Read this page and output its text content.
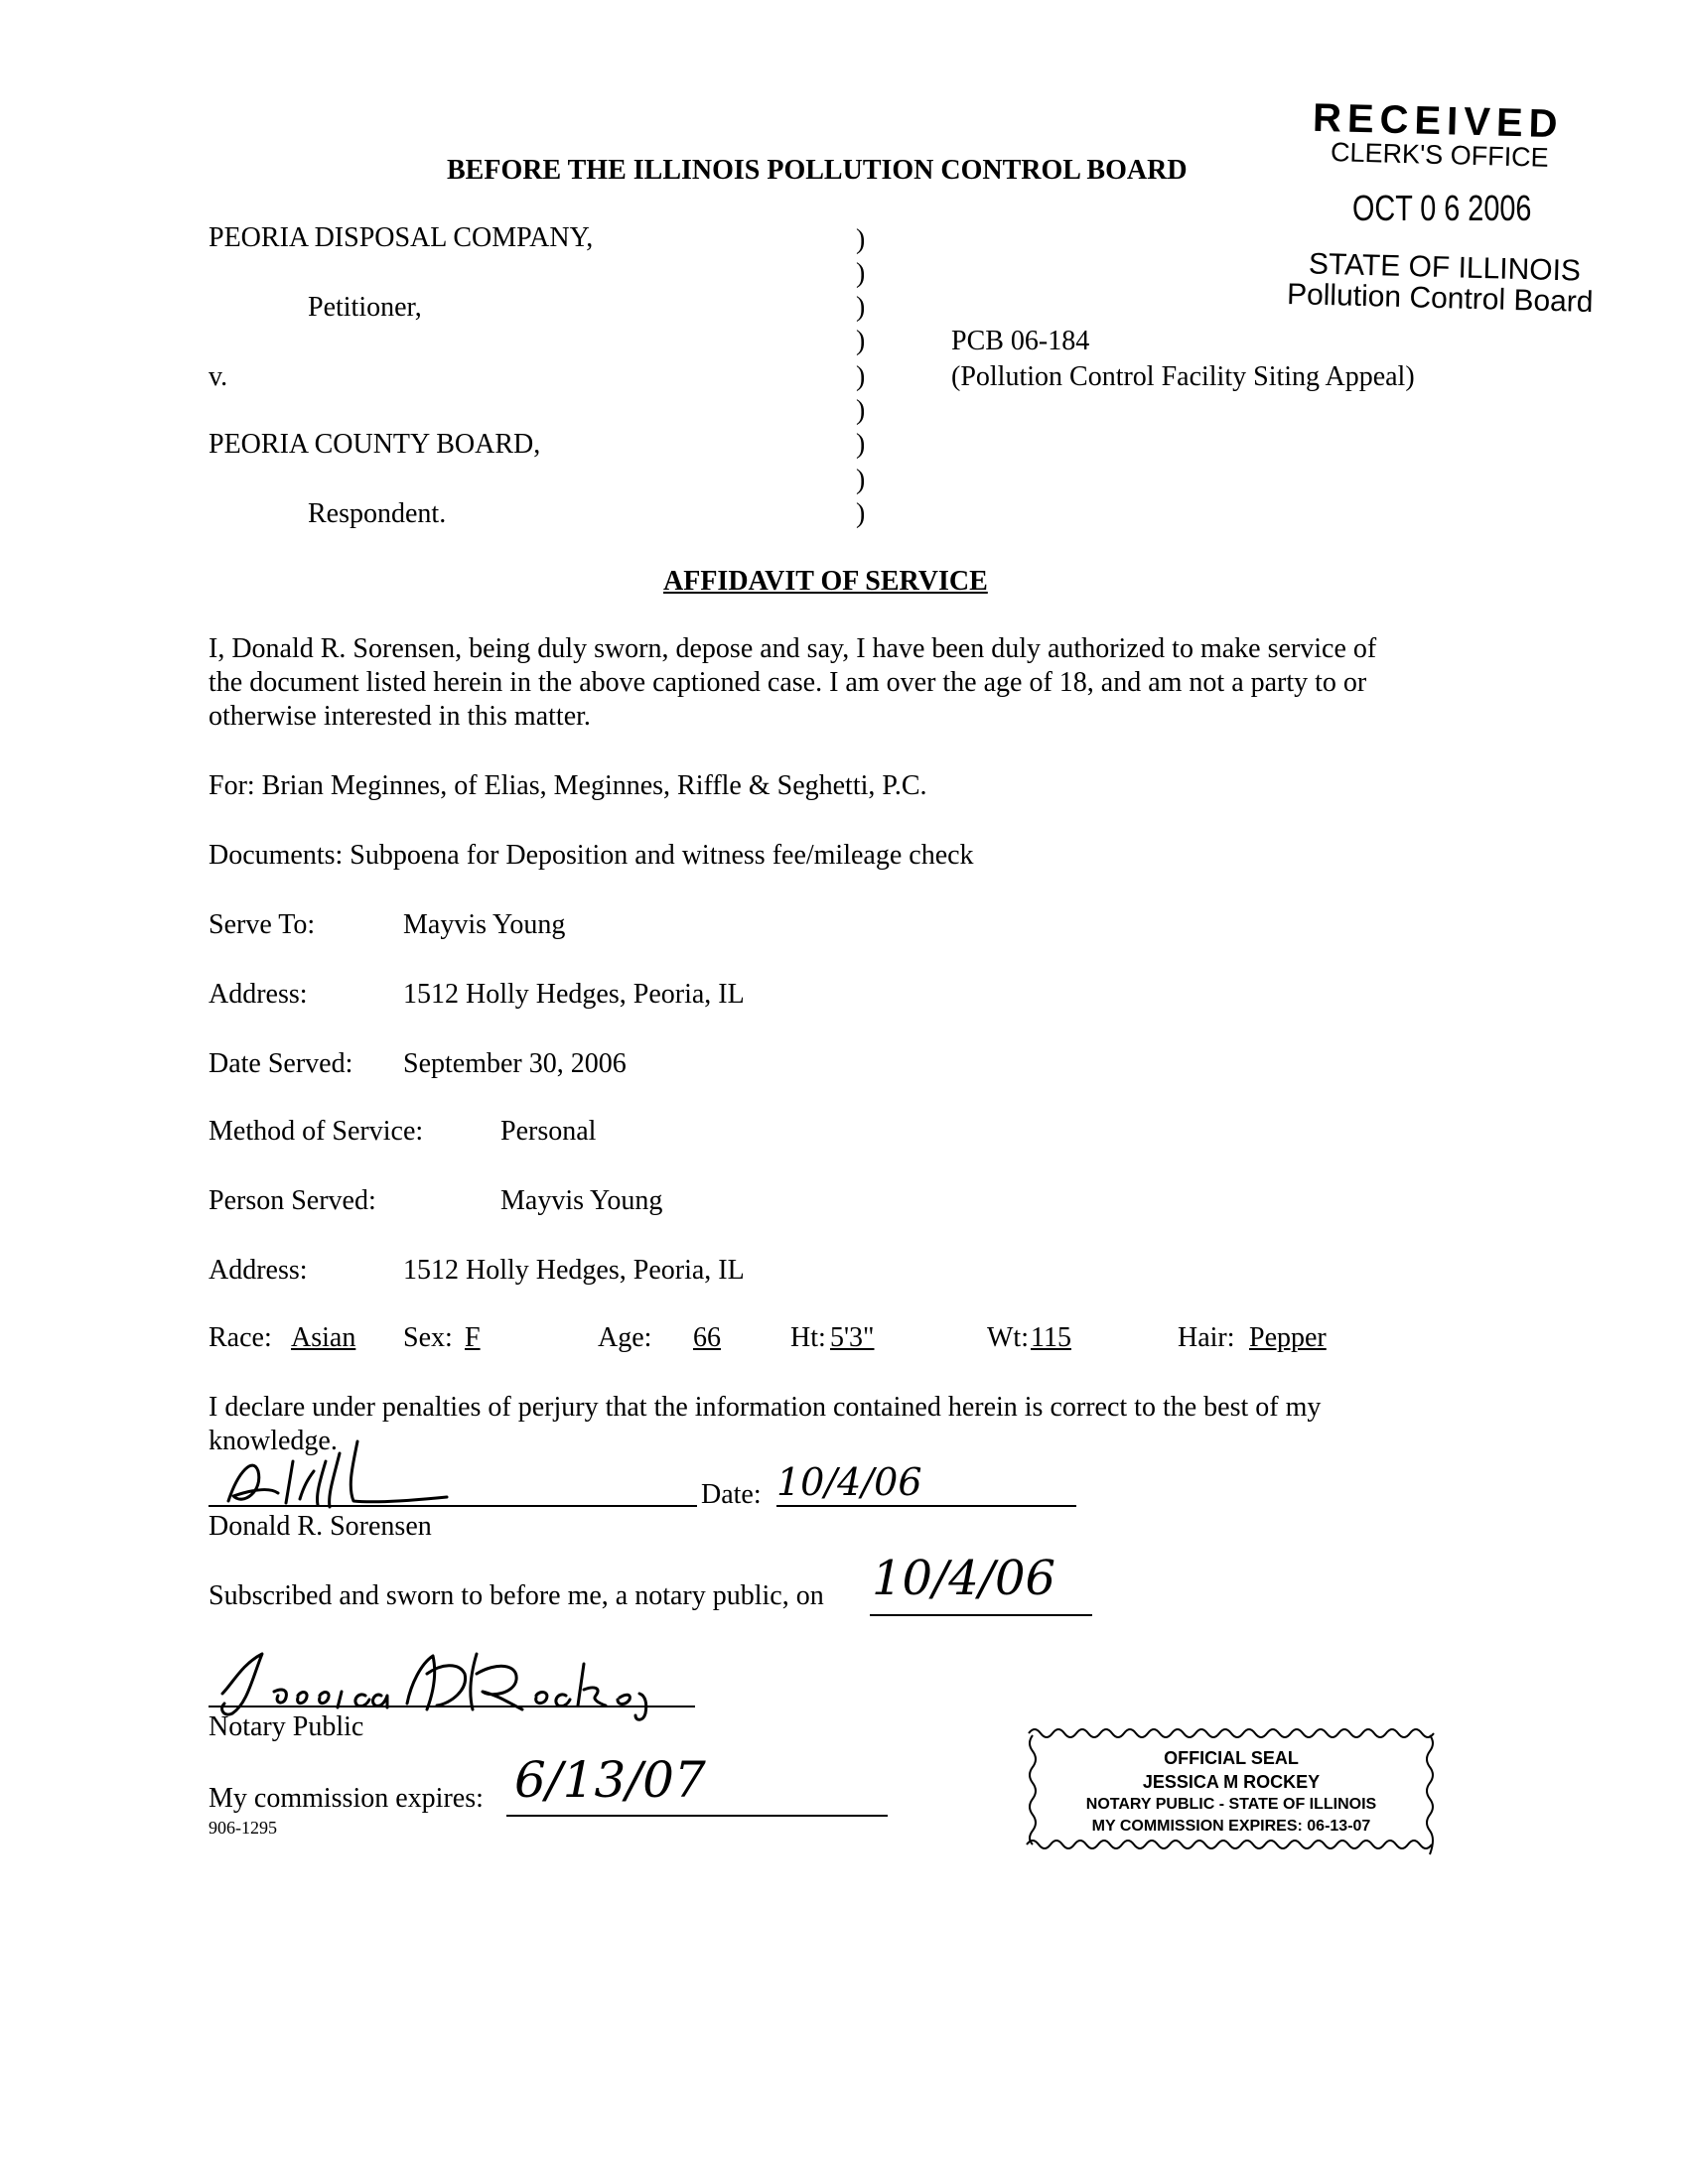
RECEIVED
CLERK'S OFFICE
OCT 0 6 2006
STATE OF ILLINOIS
Pollution Control Board
BEFORE THE ILLINOIS POLLUTION CONTROL BOARD
PEORIA DISPOSAL COMPANY,
Petitioner,
v.
PEORIA COUNTY BOARD,
Respondent.
)
)
)
)
)
)
)
)
)
PCB 06-184
(Pollution Control Facility Siting Appeal)
AFFIDAVIT OF SERVICE
I, Donald R. Sorensen, being duly sworn, depose and say, I have been duly authorized to make service of
the document listed herein in the above captioned case. I am over the age of 18, and am not a party to or
otherwise interested in this matter.
For: Brian Meginnes, of Elias, Meginnes, Riffle & Seghetti, P.C.
Documents: Subpoena for Deposition and witness fee/mileage check
Serve To:	Mayvis Young
Address:	1512 Holly Hedges, Peoria, IL
Date Served: September 30, 2006
Method of Service:	Personal
Person Served:	Mayvis Young
Address:	1512 Holly Hedges, Peoria, IL
Race: Asian Sex: F	Age: 66	Ht: 5'3"	Wt: 115	Hair: Pepper
I declare under penalties of perjury that the information contained herein is correct to the best of my
knowledge.
Date: 10/4/06
Donald R. Sorensen
Subscribed and sworn to before me, a notary public, on 10/4/06
Notary Public
My commission expires: 6/13/07
906-1295
OFFICIAL SEAL
JESSICA M ROCKEY
NOTARY PUBLIC - STATE OF ILLINOIS
MY COMMISSION EXPIRES: 06-13-07
